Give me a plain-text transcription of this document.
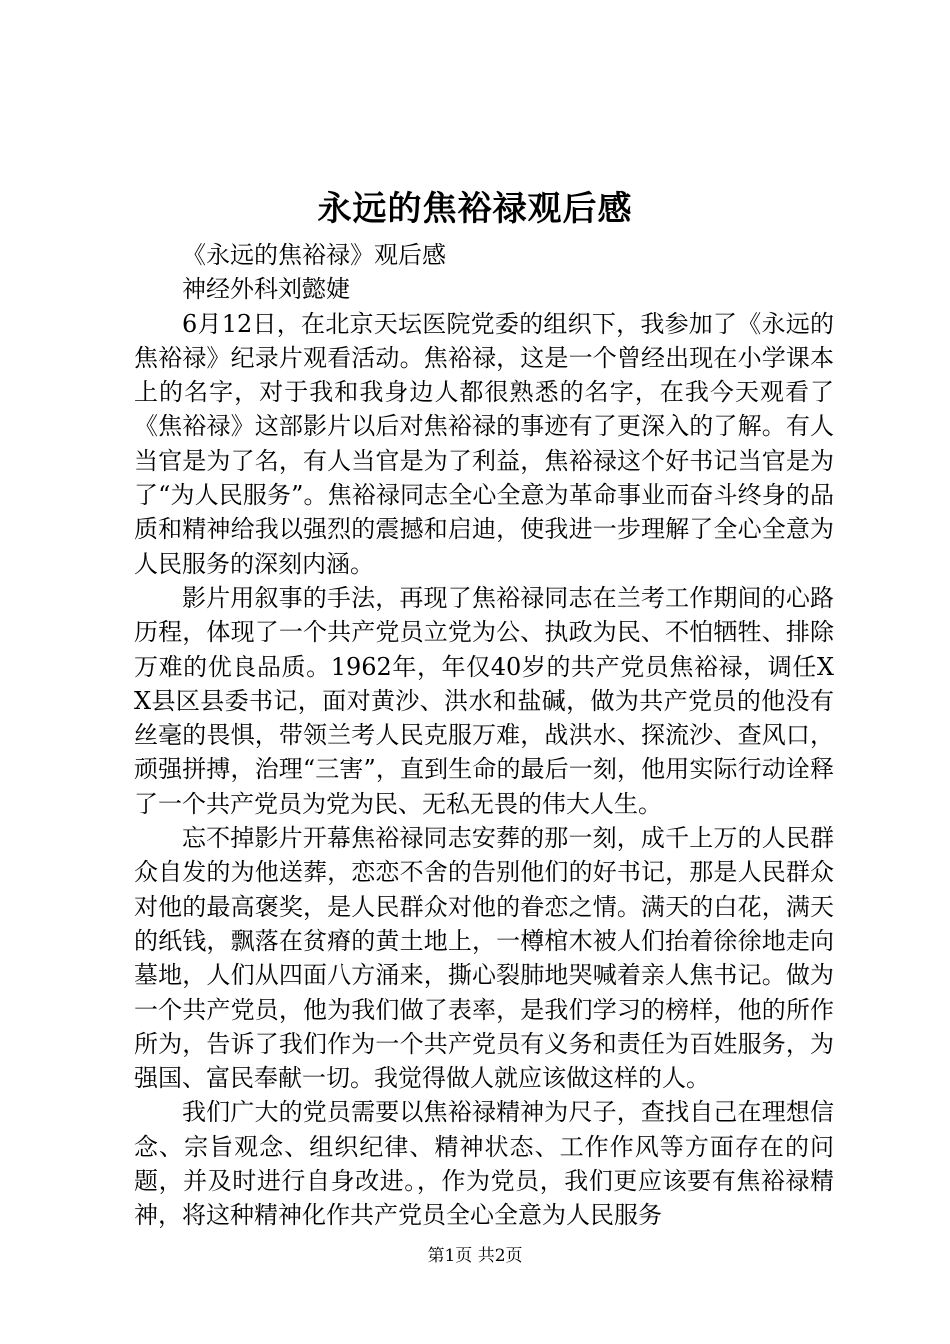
永远的焦裕禄观后感

《永远的焦裕禄》观后感

神经外科刘懿婕

6月12日，在北京天坛医院党委的组织下，我参加了《永远的焦裕禄》纪录片观看活动。焦裕禄，这是一个曾经出现在小学课本上的名字，对于我和我身边人都很熟悉的名字，在我今天观看了《焦裕禄》这部影片以后对焦裕禄的事迹有了更深入的了解。有人当官是为了名，有人当官是为了利益，焦裕禄这个好书记当官是为了“为人民服务”。焦裕禄同志全心全意为革命事业而奋斗终身的品质和精神给我以强烈的震撼和启迪，使我进一步理解了全心全意为人民服务的深刻内涵。

影片用叙事的手法，再现了焦裕禄同志在兰考工作期间的心路历程，体现了一个共产党员立党为公、执政为民、不怕牺牲、排除万难的优良品质。1962年，年仅40岁的共产党员焦裕禄，调任XX县区县委书记，面对黄沙、洪水和盐碱，做为共产党员的他没有丝毫的畏惧，带领兰考人民克服万难，战洪水、探流沙、查风口，顽强拼搏，治理“三害”，直到生命的最后一刻，他用实际行动诠释了一个共产党员为党为民、无私无畏的伟大人生。

忘不掉影片开幕焦裕禄同志安葬的那一刻，成千上万的人民群众自发的为他送葬，恋恋不舍的告别他们的好书记，那是人民群众对他的最高褒奖，是人民群众对他的眷恋之情。满天的白花，满天的纸钱，飘落在贫瘠的黄土地上，一樽棺木被人们抬着徐徐地走向墓地，人们从四面八方涌来，撕心裂肺地哭喊着亲人焦书记。做为一个共产党员，他为我们做了表率，是我们学习的榜样，他的所作所为，告诉了我们作为一个共产党员有义务和责任为百姓服务，为强国、富民奉献一切。我觉得做人就应该做这样的人。

我们广大的党员需要以焦裕禄精神为尺子，查找自己在理想信念、宗旨观念、组织纪律、精神状态、工作作风等方面存在的问题，并及时进行自身改进。，作为党员，我们更应该要有焦裕禄精神，将这种精神化作共产党员全心全意为人民服务

第1页 共2页
